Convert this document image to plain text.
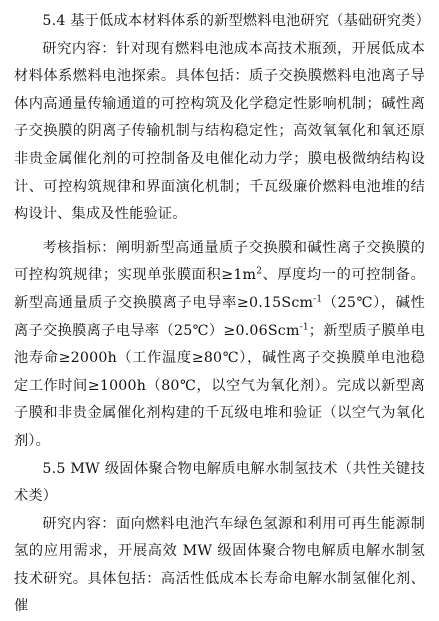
5.4 基于低成本材料体系的新型燃料电池研究（基础研究类）

研究内容：针对现有燃料电池成本高技术瓶颈，开展低成本材料体系燃料电池探索。具体包括：质子交换膜燃料电池离子导体内高通量传输通道的可控构筑及化学稳定性影响机制；碱性离子交换膜的阴离子传输机制与结构稳定性；高效氧氧化和氧还原非贵金属催化剂的可控制备及电催化动力学；膜电极微纳结构设计、可控构筑规律和界面演化机制；千瓦级廉价燃料电池堆的结构设计、集成及性能验证。

考核指标：阐明新型高通量质子交换膜和碱性离子交换膜的可控构筑规律；实现单张膜面积$\ge 1m^2$、厚度均一的可控制备。新型高通量质子交换膜离子电导率≥0.15Scm$^{-1}$（25℃），碱性离子交换膜离子电导率（25℃）≥0.06Scm$^{-1}$；新型质子膜单电池寿命≥2000h（工作温度≥80℃），碱性离子交换膜单电池稳定工作时间≥1000h（80℃，以空气为氧化剂）。完成以新型离子膜和非贵金属催化剂构建的千瓦级电堆和验证（以空气为氧化剂）。

5.5 MW 级固体聚合物电解质电解水制氢技术（共性关键技术类）

研究内容：面向燃料电池汽车绿色氢源和利用可再生能源制氢的应用需求，开展高效 MW 级固体聚合物电解质电解水制氢技术研究。具体包括：高活性低成本长寿命电解水制氢催化剂、催
